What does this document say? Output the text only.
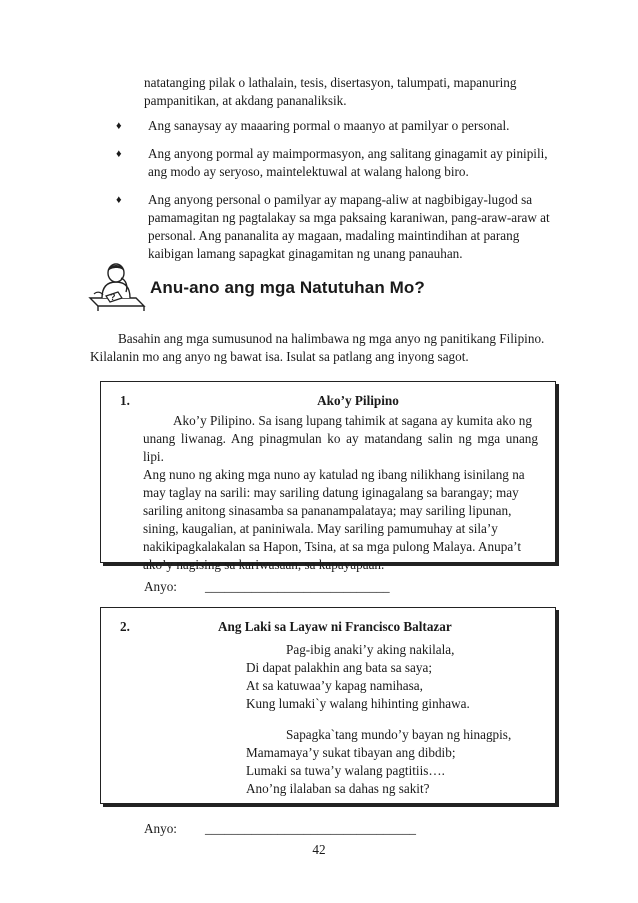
natatanging pilak o lathalain, tesis, disertasyon, talumpati, mapanuring
pampanitikan, at akdang pananaliksik.
♦	Ang sanaysay ay maaaring pormal o maanyo at pamilyar o personal.
♦	Ang anyong pormal ay maimpormasyon, ang salitang ginagamit ay pinipili,
ang modo ay seryoso, maintelektuwal at walang halong biro.
♦	Ang anyong personal o pamilyar ay mapang-aliw at nagbibigay-lugod sa
pamamagitan ng pagtalakay sa mga paksaing karaniwan, pang-araw-araw at
personal. Ang pananalita ay magaan, madaling maintindihan at parang
kaibigan lamang sapagkat ginagamitan ng unang panauhan.
? Anu-ano ang mga Natutuhan Mo?

Basahin ang mga sumusunod na halimbawa ng mga anyo ng panitikang Filipino.

Kilalanin mo ang anyo ng bawat isa. Isulat sa patlang ang inyong sagot.

1.	Ako’y Pilipino

Ako’y Pilipino. Sa isang lupang tahimik at sagana ay kumita ako ng

unang liwanag. Ang pinagmulan ko ay matandang salin ng mga unang lipi.
Ang nuno ng aking mga nuno ay katulad ng ibang nilikhang isinilang na
may taglay na sarili: may sariling datung iginagalang sa barangay; may
sariling anitong sinasamba sa pananampalataya; may sariling lipunan,
sining, kaugalian, at paniniwala. May sariling pamumuhay at sila’y
nakikipagkalakalan sa Hapon, Tsina, at sa mga pulong Malaya. Anupa’t
ako’y nagising sa kariwasaan, sa kapayapaan.
Anyo: ____________________________
2.	Ang Laki sa Layaw ni Francisco Baltazar
Pag-ibig anaki’y aking nakilala,
Di dapat palakhin ang bata sa saya;
At sa katuwaa’y kapag namihasa,
Kung lumaki`y walang hihinting ginhawa.
Sapagka`tang mundo’y bayan ng hinagpis,
Mamamaya’y sukat tibayan ang dibdib;
Lumaki sa tuwa’y walang pagtitiis….
Ano’ng ilalaban sa dahas ng sakit?
Anyo: ________________________________
42
